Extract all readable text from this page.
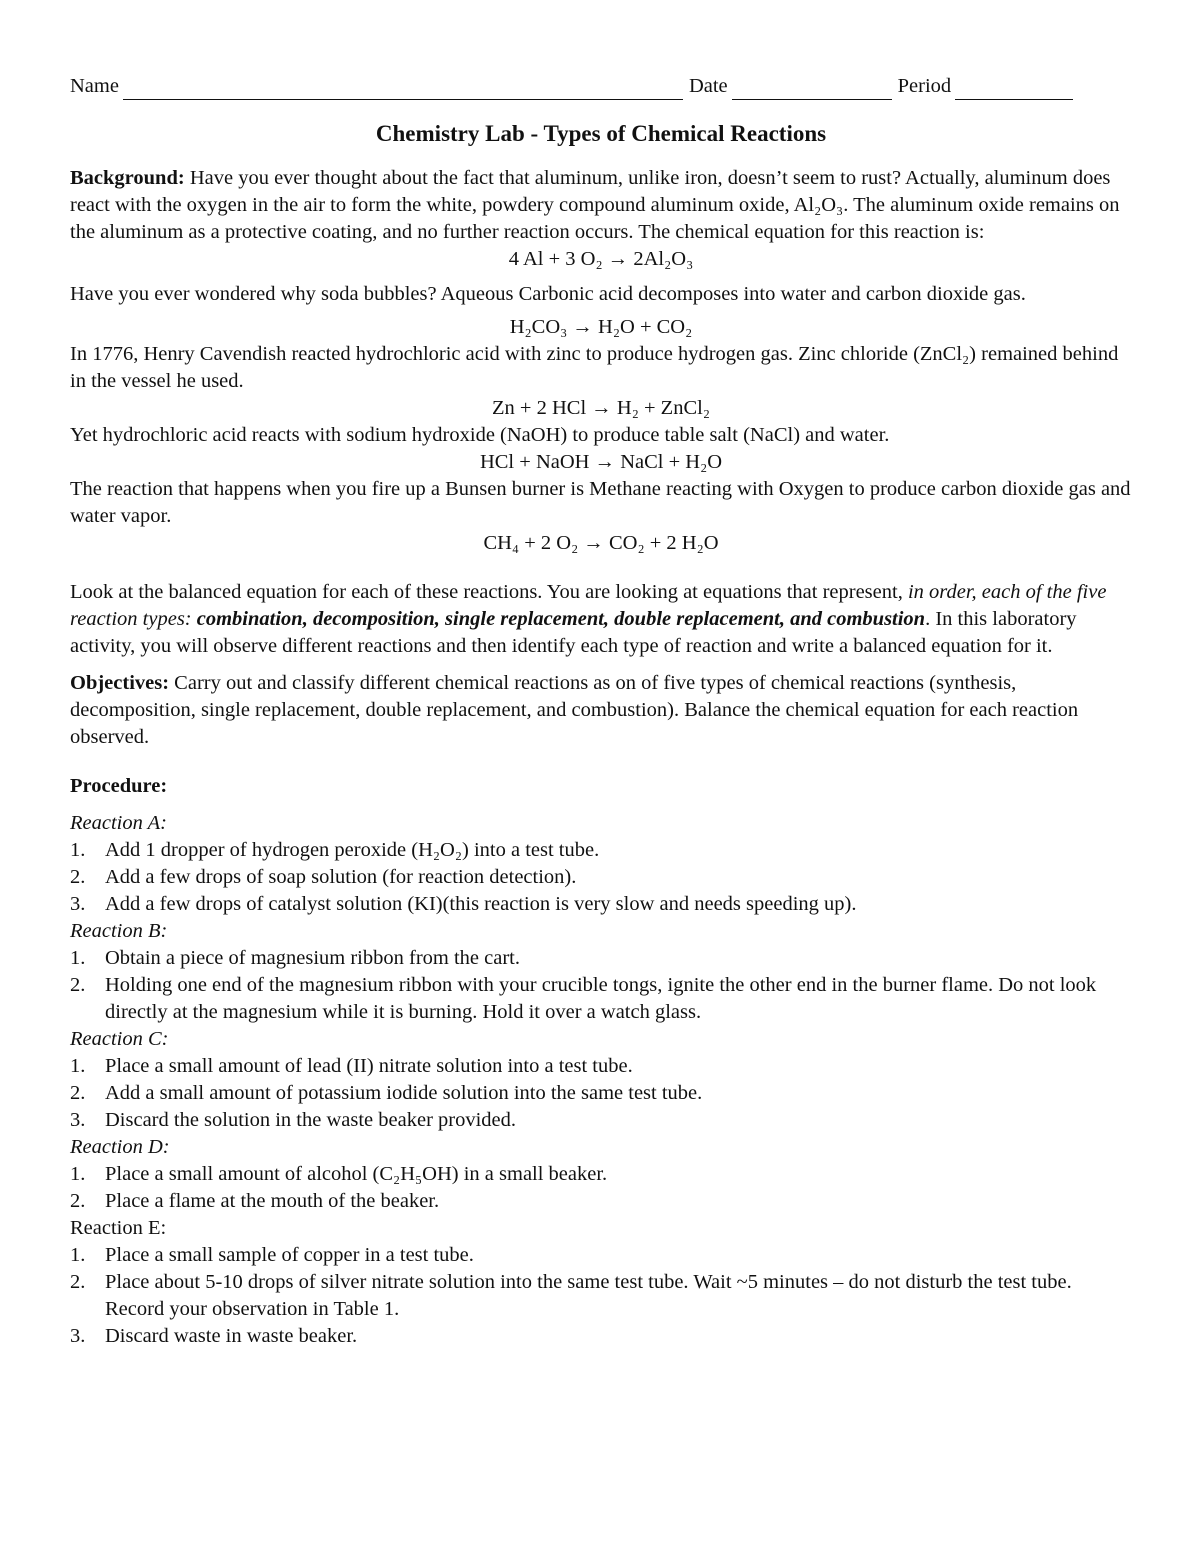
Name	Date	Period
Chemistry Lab - Types of Chemical Reactions

Background: Have you ever thought about the fact that aluminum, unlike iron, doesn’t seem to rust? Actually, aluminum does react with the oxygen in the air to form the white, powdery compound aluminum oxide, Al₂O₃. The aluminum oxide remains on the aluminum as a protective coating, and no further reaction occurs. The chemical equation for this reaction is:

4 Al + 3 O₂ → 2Al₂O₃

Have you ever wondered why soda bubbles? Aqueous Carbonic acid decomposes into water and carbon dioxide gas.

H₂CO₃ → H₂O + CO₂

In 1776, Henry Cavendish reacted hydrochloric acid with zinc to produce hydrogen gas. Zinc chloride (ZnCl₂) remained behind in the vessel he used.

Zn + 2 HCl → H₂ + ZnCl₂

Yet hydrochloric acid reacts with sodium hydroxide (NaOH) to produce table salt (NaCl) and water.

HCl + NaOH → NaCl + H₂O

The reaction that happens when you fire up a Bunsen burner is Methane reacting with Oxygen to produce carbon dioxide gas and water vapor.

CH₄ + 2 O₂ → CO₂ + 2 H₂O

Look at the balanced equation for each of these reactions. You are looking at equations that represent, in order, each of the five reaction types: combination, decomposition, single replacement, double replacement, and combustion. In this laboratory activity, you will observe different reactions and then identify each type of reaction and write a balanced equation for it.

Objectives: Carry out and classify different chemical reactions as on of five types of chemical reactions (synthesis, decomposition, single replacement, double replacement, and combustion). Balance the chemical equation for each reaction observed.

Procedure:

Reaction A:

1. Add 1 dropper of hydrogen peroxide (H₂O₂) into a test tube.
2. Add a few drops of soap solution (for reaction detection).
3. Add a few drops of catalyst solution (KI)(this reaction is very slow and needs speeding up).

Reaction B:

1. Obtain a piece of magnesium ribbon from the cart.
2. Holding one end of the magnesium ribbon with your crucible tongs, ignite the other end in the burner flame. Do not look directly at the magnesium while it is burning. Hold it over a watch glass.

Reaction C:

1. Place a small amount of lead (II) nitrate solution into a test tube.
2. Add a small amount of potassium iodide solution into the same test tube.
3. Discard the solution in the waste beaker provided.

Reaction D:

1. Place a small amount of alcohol (C₂H₅OH) in a small beaker.
2. Place a flame at the mouth of the beaker.

Reaction E:

1. Place a small sample of copper in a test tube.
2. Place about 5-10 drops of silver nitrate solution into the same test tube. Wait ~5 minutes – do not disturb the test tube. Record your observation in Table 1.
3. Discard waste in waste beaker.
